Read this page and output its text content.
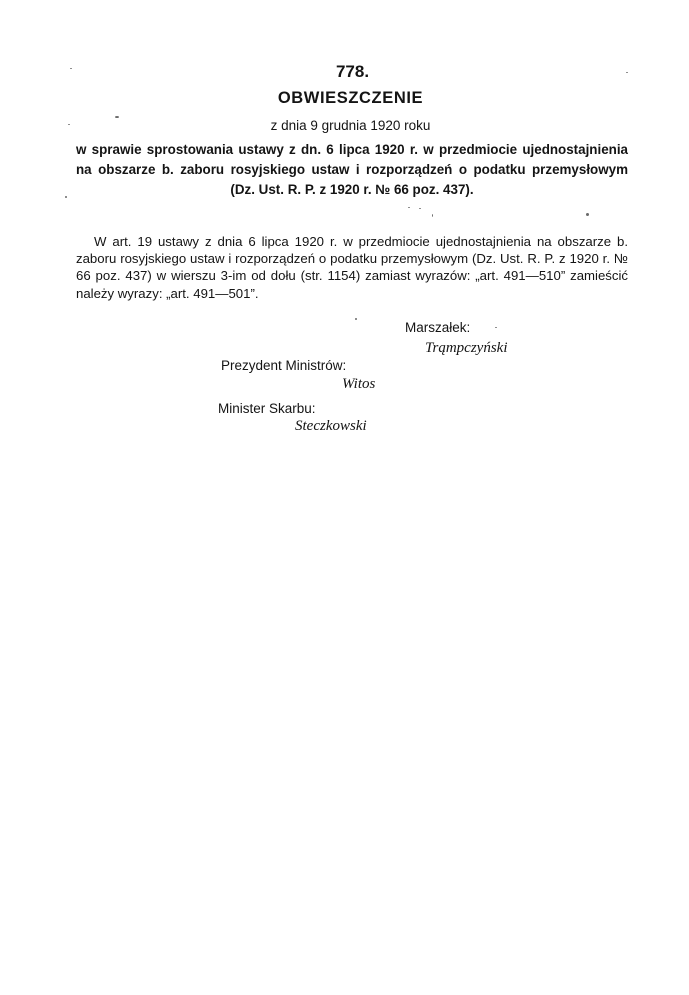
778.
OBWIESZCZENIE
z dnia 9 grudnia 1920 roku
w sprawie sprostowania ustawy z dn. 6 lipca 1920 r. w przedmiocie ujednostajnienia na obszarze b. zaboru rosyjskiego ustaw i rozporządzeń o podatku przemysłowym (Dz. Ust. R. P. z 1920 r. № 66 poz. 437).
W art. 19 ustawy z dnia 6 lipca 1920 r. w przedmiocie ujednostajnienia na obszarze b. zaboru rosyjskiego ustaw i rozporządzeń o podatku przemysłowym (Dz. Ust. R. P. z 1920 r. № 66 poz. 437) w wierszu 3-im od dołu (str. 1154) zamiast wyrazów: „art. 491—510” zamieścić należy wyrazy: „art. 491—501”.
Marszałek:
Trąmpczyński
Prezydent Ministrów:
Witos
Minister Skarbu:
Steczkowski
